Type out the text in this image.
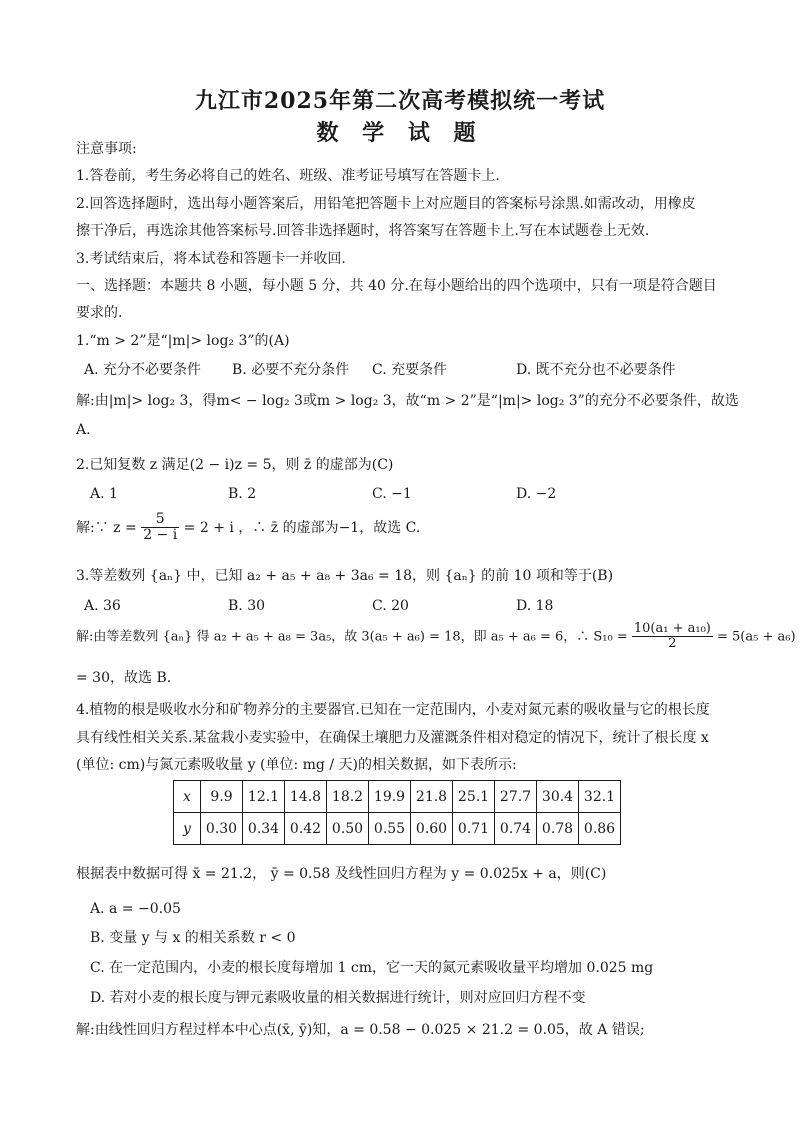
九江市2025年第二次高考模拟统一考试
数 学 试 题
注意事项:
1.答卷前，考生务必将自己的姓名、班级、准考证号填写在答题卡上.
2.回答选择题时，选出每小题答案后，用铅笔把答题卡上对应题目的答案标号涂黑.如需改动，用橡皮
擦干净后，再选涂其他答案标号.回答非选择题时，将答案写在答题卡上.写在本试题卷上无效.
3.考试结束后，将本试卷和答题卡一并收回.
一、选择题：本题共 8 小题，每小题 5 分，共 40 分.在每小题给出的四个选项中，只有一项是符合题目
要求的.
1.“m > 2”是“|m|> log₂ 3”的(A)
A. 充分不必要条件 B. 必要不充分条件 C. 充要条件	D. 既不充分也不必要条件
解:由|m|> log₂ 3，得m< − log₂ 3或m > log₂ 3，故“m > 2”是“|m|> log₂ 3”的充分不必要条件，故选
A.
2.已知复数 z 满足(2 − i)z = 5，则 z̄ 的虚部为(C)
A. 1	B. 2	C. −1	D. −2
解:∵ $z = \frac{5}{2 - i} = 2 + i$ ，∴ z̄ 的虚部为−1，故选 C.
3.等差数列 {aₙ} 中，已知 a₂ + a₅ + a₈ + 3a₆ = 18，则 {aₙ} 的前 10 项和等于(B)
A. 36	B. 30	C. 20	D. 18
解:由等差数列 {aₙ} 得 a₂ + a₅ + a₈ = 3a₅，故 3(a₅ + a₆) = 18，即 a₅ + a₆ = 6，∴ $S_{10} = \frac{\text{10(a₁ + a₁₀)}}{2} = 5(a_5 + a_6)$
= 30，故选 B.
4.植物的根是吸收水分和矿物养分的主要器官.已知在一定范围内，小麦对氮元素的吸收量与它的根长度
具有线性相关关系.某盆栽小麦实验中，在确保土壤肥力及灌溉条件相对稳定的情况下，统计了根长度 x
(单位: cm)与氮元素吸收量 y (单位: mg / 天)的相关数据，如下表所示:
x	9.9	12.1	14.8	18.2	19.9	21.8	25.1	27.7	30.4	32.1
y	0.30	0.34	0.42	0.50	0.55	0.60	0.71	0.74	0.78	0.86
根据表中数据可得 x̄ = 21.2， ȳ = 0.58 及线性回归方程为 y = 0.025x + a，则(C)
A. a = −0.05
B. 变量 y 与 x 的相关系数 r < 0
C. 在一定范围内，小麦的根长度每增加 1 cm，它一天的氮元素吸收量平均增加 0.025 mg
D. 若对小麦的根长度与钾元素吸收量的相关数据进行统计，则对应回归方程不变
解:由线性回归方程过样本中心点(x̄, ȳ)知，a = 0.58 − 0.025 × 21.2 = 0.05，故 A 错误;
